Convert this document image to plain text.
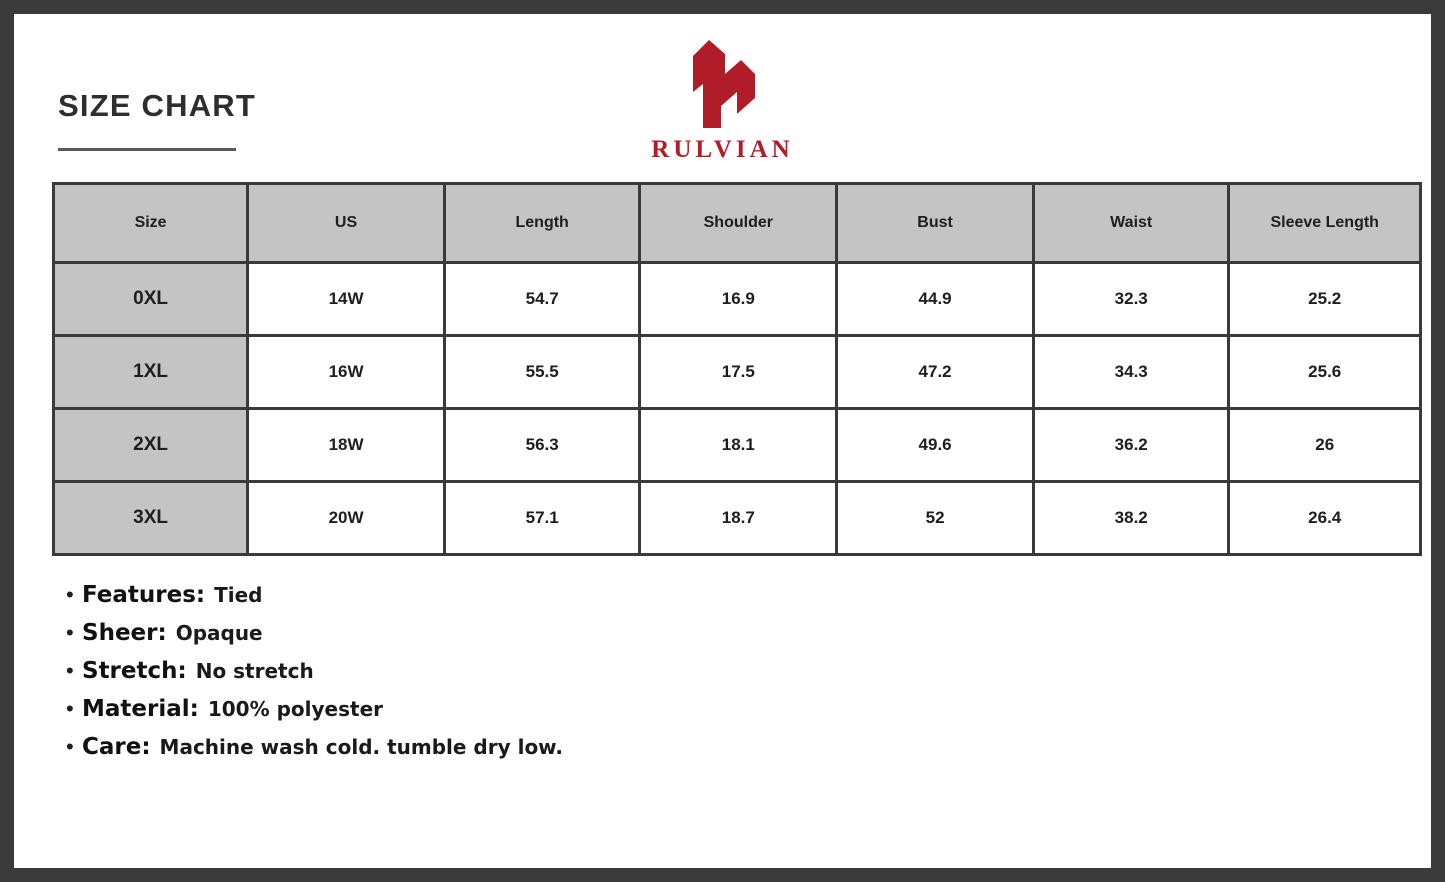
SIZE CHART
RULVIAN
Size	US	Length	Shoulder	Bust	Waist	Sleeve Length
0XL	14W	54.7	16.9	44.9	32.3	25.2
1XL	16W	55.5	17.5	47.2	34.3	25.6
2XL	18W	56.3	18.1	49.6	36.2	26
3XL	20W	57.1	18.7	52	38.2	26.4
• Features: Tied
• Sheer: Opaque
• Stretch: No stretch
• Material: 100% polyester
• Care: Machine wash cold. tumble dry low.
